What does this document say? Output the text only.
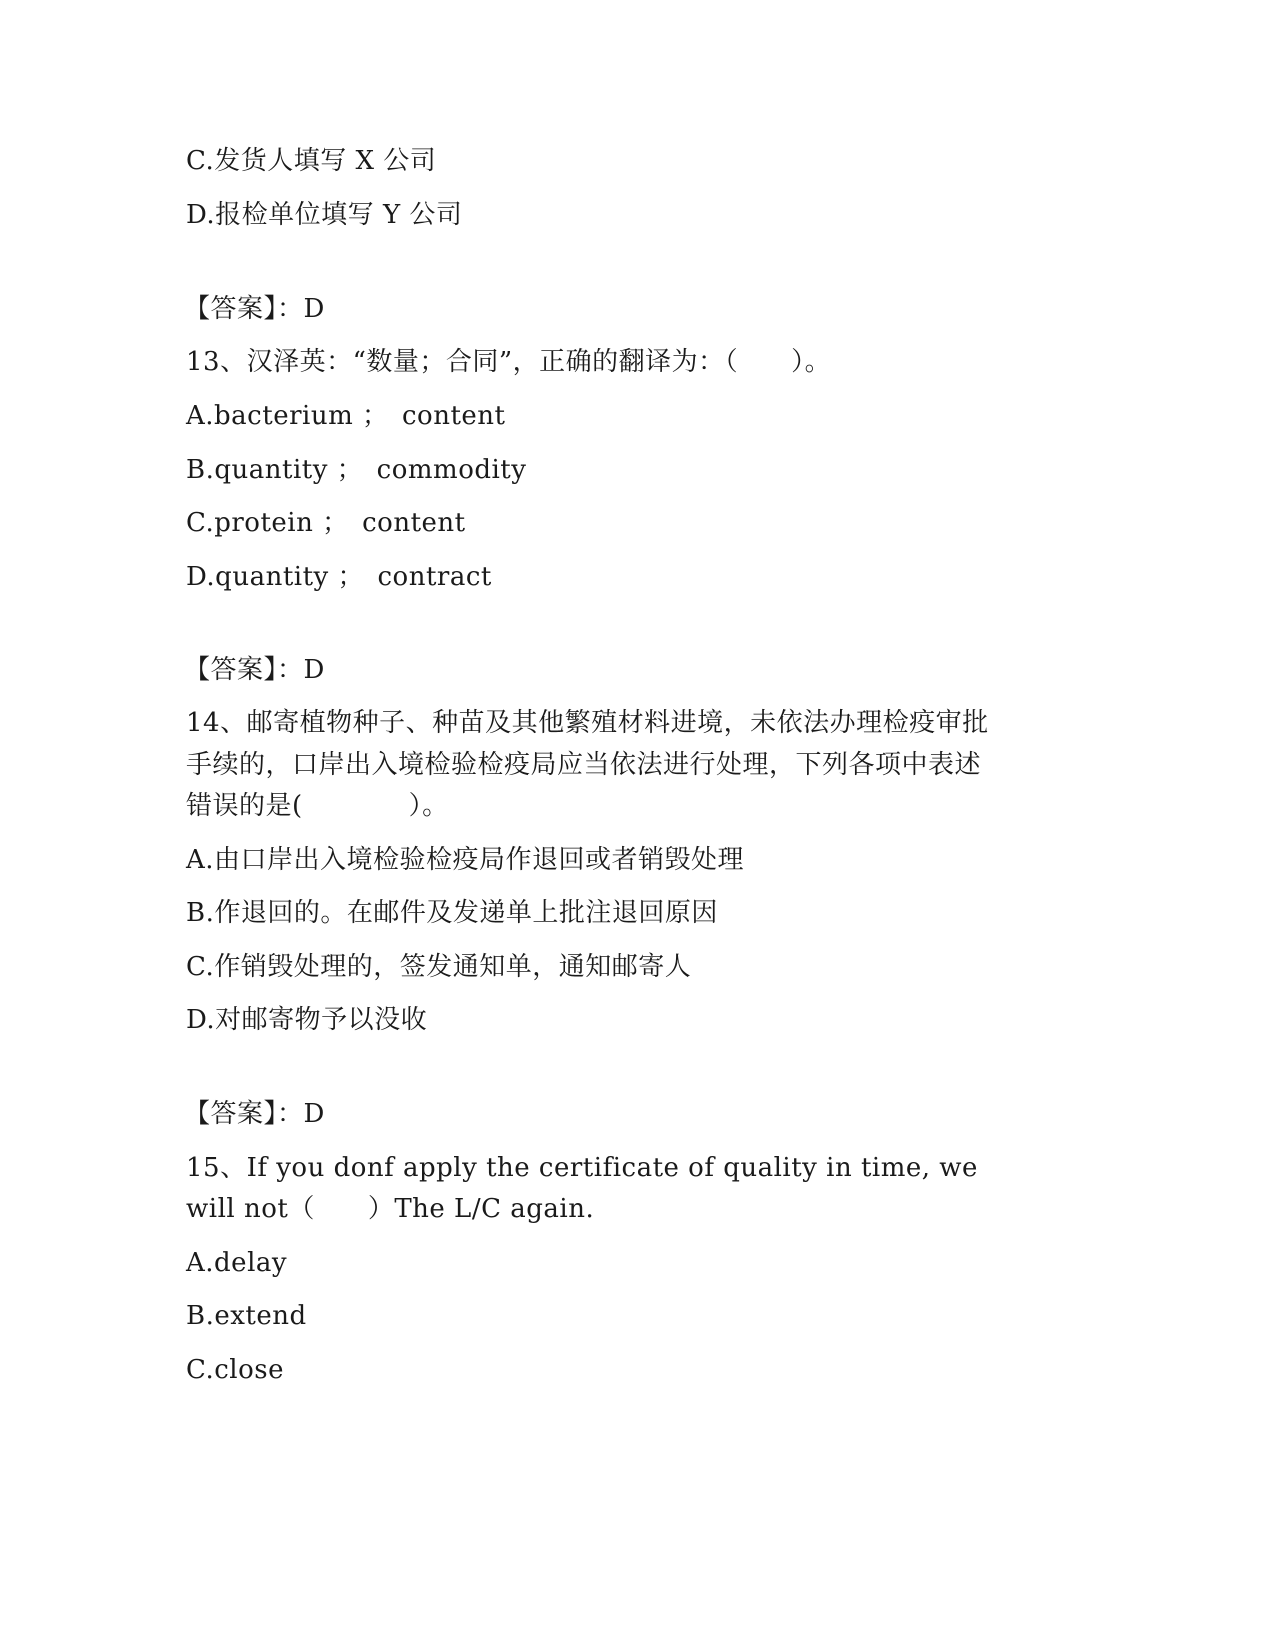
C.发货人填写 X 公司
D.报检单位填写 Y 公司
【答案】：D
13、汉泽英：“数量；合同”，正确的翻译为：（　　）。
A.bacterium ；　content
B.quantity ；　commodity
C.protein ；　content
D.quantity ；　contract
【答案】：D
14、邮寄植物种子、种苗及其他繁殖材料进境，未依法办理检疫审批
手续的，口岸出入境检验检疫局应当依法进行处理，下列各项中表述
错误的是(　　　　）。
A.由口岸出入境检验检疫局作退回或者销毁处理
B.作退回的。在邮件及发递单上批注退回原因
C.作销毁处理的，签发通知单，通知邮寄人
D.对邮寄物予以没收
【答案】：D
15、If you donf apply the certificate of quality in time, we
will not（　　）The L/C again.
A.delay
B.extend
C.close
